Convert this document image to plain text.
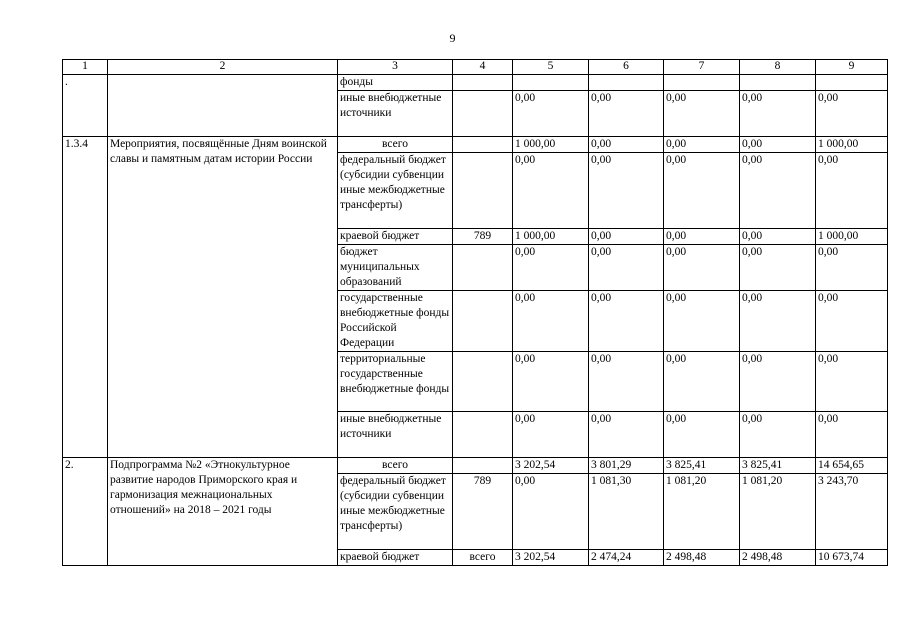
9
1	2	3	4	5	6	7	8	9
.		фонды						
		иные внебюджетные источники		0,00	0,00	0,00	0,00	0,00
1.3.4	Мероприятия, посвящённые Дням воинской славы и памятным датам истории России	всего		1 000,00	0,00	0,00	0,00	1 000,00
		федеральный бюджет (субсидии субвенции иные межбюджетные трансферты)		0,00	0,00	0,00	0,00	0,00
		краевой бюджет	789	1 000,00	0,00	0,00	0,00	1 000,00
		бюджет муниципальных образований		0,00	0,00	0,00	0,00	0,00
		государственные внебюджетные фонды Российской Федерации		0,00	0,00	0,00	0,00	0,00
		территориальные государственные внебюджетные фонды		0,00	0,00	0,00	0,00	0,00
		иные внебюджетные источники		0,00	0,00	0,00	0,00	0,00
2.	Подпрограмма №2 «Этнокультурное развитие народов Приморского края и гармонизация межнациональных отношений» на 2018 – 2021 годы	всего		3 202,54	3 801,29	3 825,41	3 825,41	14 654,65
		федеральный бюджет (субсидии субвенции иные межбюджетные трансферты)	789	0,00	1 081,30	1 081,20	1 081,20	3 243,70
		краевой бюджет	всего	3 202,54	2 474,24	2 498,48	2 498,48	10 673,74
